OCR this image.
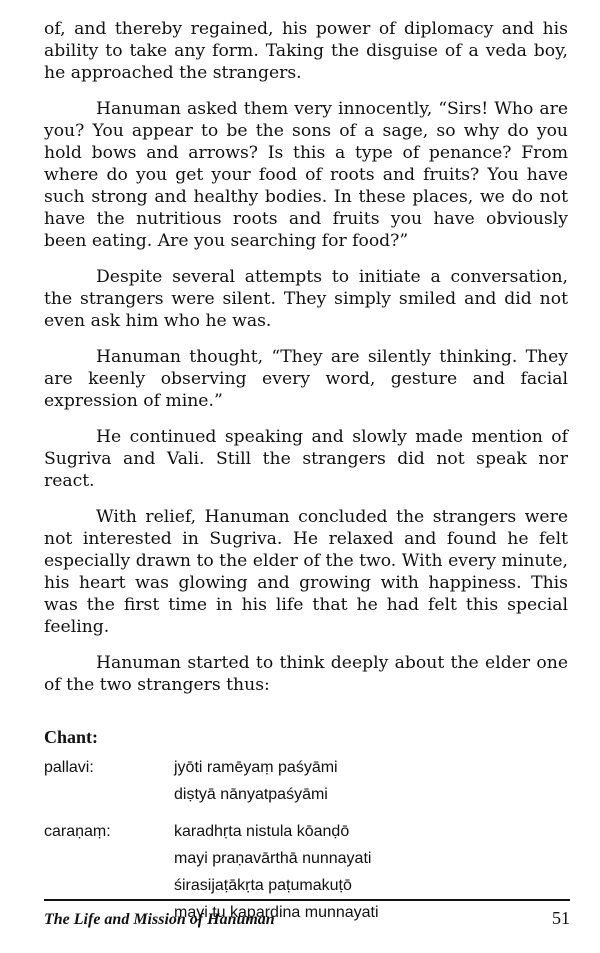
of, and thereby regained, his power of diplomacy and his ability to take any form. Taking the disguise of a veda boy, he approached the strangers.

Hanuman asked them very innocently, “Sirs! Who are you? You appear to be the sons of a sage, so why do you hold bows and arrows? Is this a type of penance? From where do you get your food of roots and fruits? You have such strong and healthy bodies. In these places, we do not have the nutritious roots and fruits you have obviously been eating. Are you searching for food?”

Despite several attempts to initiate a conversation, the strangers were silent. They simply smiled and did not even ask him who he was.

Hanuman thought, “They are silently thinking. They are keenly observing every word, gesture and facial expression of mine.”

He continued speaking and slowly made mention of Sugriva and Vali. Still the strangers did not speak nor react.

With relief, Hanuman concluded the strangers were not interested in Sugriva. He relaxed and found he felt especially drawn to the elder of the two. With every minute, his heart was glowing and growing with happiness. This was the first time in his life that he had felt this special feeling.

Hanuman started to think deeply about the elder one of the two strangers thus:

Chant:
pallavi:	jyōti ramēyaṃ paśyāmi
diṣtyā nānyatpaśyāmi
caraṇaṃ:	karadhṛta nistula kōanḍō
mayi praṇavārthā nunnayati
śirasijaṭākṛta paṭumakuṭō
mayi tu kapardina munnayati
The Life and Mission of Hanuman	51
